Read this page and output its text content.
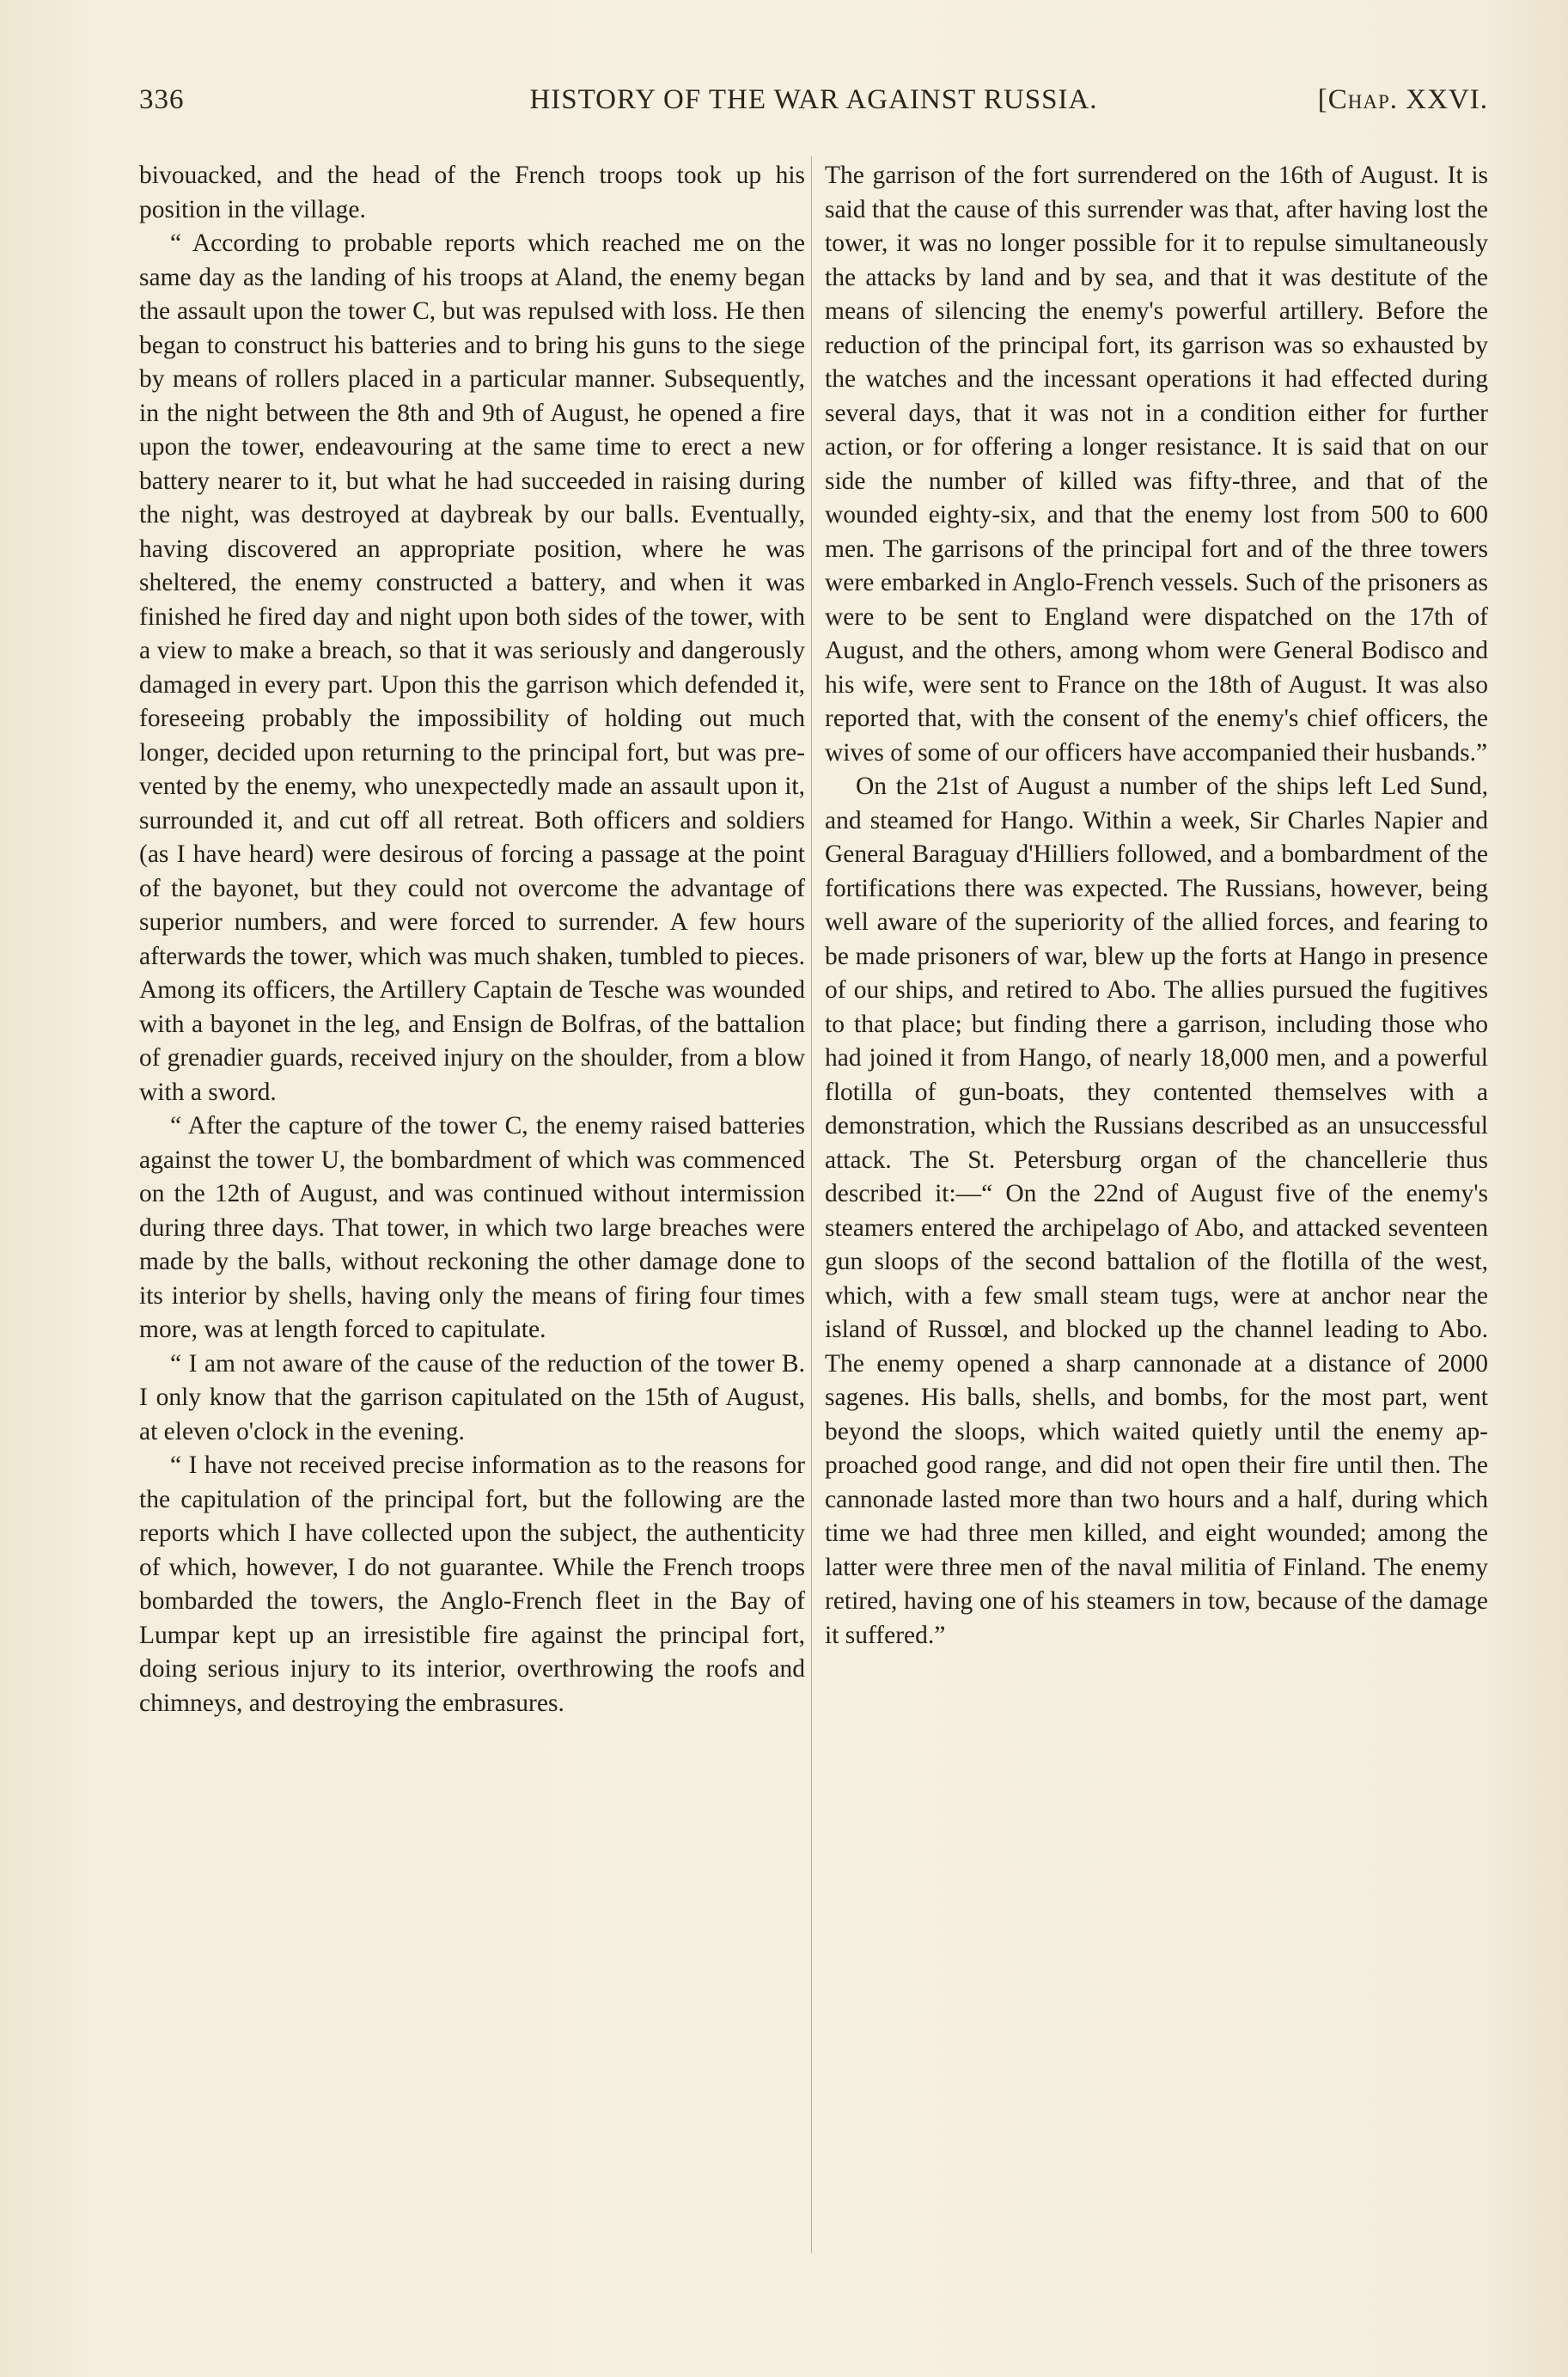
336	HISTORY OF THE WAR AGAINST RUSSIA.	[Chap. XXVI.

bivouacked, and the head of the French troops took up his position in the village.

“ According to probable reports which reached me on the same day as the landing of his troops at Aland, the enemy began the assault upon the tower C, but was repulsed with loss. He then began to construct his batteries and to bring his guns to the siege by means of rollers placed in a particular manner. Subsequently, in the night between the 8th and 9th of August, he opened a fire upon the tower, endeavouring at the same time to erect a new battery nearer to it, but what he had succeeded in raising during the night, was destroyed at daybreak by our balls. Eventually, having discovered an appropriate position, where he was sheltered, the enemy constructed a battery, and when it was finished he fired day and night upon both sides of the tower, with a view to make a breach, so that it was seriously and dangerously damaged in every part. Upon this the garrison which defended it, foreseeing probably the impossibility of holding out much longer, decided upon returning to the principal fort, but was prevented by the enemy, who unexpectedly made an assault upon it, surrounded it, and cut off all retreat. Both officers and soldiers (as I have heard) were desirous of forcing a passage at the point of the bayonet, but they could not overcome the advantage of superior numbers, and were forced to surrender. A few hours afterwards the tower, which was much shaken, tumbled to pieces. Among its officers, the Artillery Captain de Tesche was wounded with a bayonet in the leg, and Ensign de Bolfras, of the battalion of grenadier guards, received injury on the shoulder, from a blow with a sword.

“ After the capture of the tower C, the enemy raised batteries against the tower U, the bombardment of which was commenced on the 12th of August, and was continued without intermission during three days. That tower, in which two large breaches were made by the balls, without reckoning the other damage done to its interior by shells, having only the means of firing four times more, was at length forced to capitulate.

“ I am not aware of the cause of the reduction of the tower B. I only know that the garrison capitulated on the 15th of August, at eleven o'clock in the evening.

“ I have not received precise information as to the reasons for the capitulation of the principal fort, but the following are the reports which I have collected upon the subject, the authenticity of which, however, I do not guarantee. While the French troops bombarded the towers, the Anglo-French fleet in the Bay of Lumpar kept up an irresistible fire against the principal fort, doing serious injury to its interior, overthrowing the roofs and chimneys, and destroying the embrasures.

The garrison of the fort surrendered on the 16th of August. It is said that the cause of this surrender was that, after having lost the tower, it was no longer possible for it to repulse simultaneously the attacks by land and by sea, and that it was destitute of the means of silencing the enemy's powerful artillery. Before the reduction of the principal fort, its garrison was so exhausted by the watches and the incessant operations it had effected during several days, that it was not in a condition either for further action, or for offering a longer resistance. It is said that on our side the number of killed was fifty-three, and that of the wounded eighty-six, and that the enemy lost from 500 to 600 men. The garrisons of the principal fort and of the three towers were embarked in Anglo-French vessels. Such of the prisoners as were to be sent to England were dispatched on the 17th of August, and the others, among whom were General Bodisco and his wife, were sent to France on the 18th of August. It was also reported that, with the consent of the enemy's chief officers, the wives of some of our officers have accompanied their husbands.”

On the 21st of August a number of the ships left Led Sund, and steamed for Hango. Within a week, Sir Charles Napier and General Baraguay d'Hilliers followed, and a bombardment of the fortifications there was expected. The Russians, however, being well aware of the superiority of the allied forces, and fearing to be made prisoners of war, blew up the forts at Hango in presence of our ships, and retired to Abo. The allies pursued the fugitives to that place; but finding there a garrison, including those who had joined it from Hango, of nearly 18,000 men, and a powerful flotilla of gun-boats, they contented themselves with a demonstration, which the Russians described as an unsuccessful attack. The St. Petersburg organ of the chancellerie thus described it:—“ On the 22nd of August five of the enemy's steamers entered the archipelago of Abo, and attacked seventeen gun sloops of the second battalion of the flotilla of the west, which, with a few small steam tugs, were at anchor near the island of Russœl, and blocked up the channel leading to Abo. The enemy opened a sharp cannonade at a distance of 2000 sagenes. His balls, shells, and bombs, for the most part, went beyond the sloops, which waited quietly until the enemy approached good range, and did not open their fire until then. The cannonade lasted more than two hours and a half, during which time we had three men killed, and eight wounded; among the latter were three men of the naval militia of Finland. The enemy retired, having one of his steamers in tow, because of the damage it suffered.”
